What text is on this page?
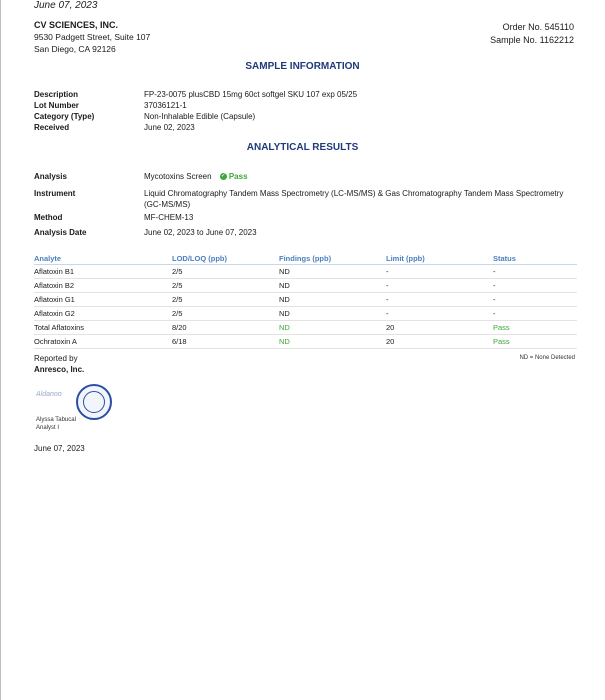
June 07, 2023
CV SCIENCES, INC.
9530 Padgett Street, Suite 107
San Diego, CA 92126
Order No. 545110
Sample No. 1162212
SAMPLE INFORMATION
Description	FP-23-0075 plusCBD 15mg 60ct softgel SKU 107 exp 05/25
Lot Number	37036121-1
Category (Type)	Non-Inhalable Edible (Capsule)
Received	June 02, 2023
ANALYTICAL RESULTS
Analysis	Mycotoxins Screen ✓ Pass
Instrument	Liquid Chromatography Tandem Mass Spectrometry (LC-MS/MS) & Gas Chromatography Tandem Mass Spectrometry (GC-MS/MS)
Method	MF-CHEM-13
Analysis Date	June 02, 2023 to June 07, 2023
Analyte	LOD/LOQ (ppb)	Findings (ppb)	Limit (ppb)	Status
Aflatoxin B1	2/5	ND	-	-
Aflatoxin B2	2/5	ND	-	-
Aflatoxin G1	2/5	ND	-	-
Aflatoxin G2	2/5	ND	-	-
Total Aflatoxins	8/20	ND	20	Pass
Ochratoxin A	6/18	ND	20	Pass
ND = None Detected
Reported by
Anresco, Inc.
Aldanoo
Alyssa Tabucal
Analyst I
June 07, 2023
